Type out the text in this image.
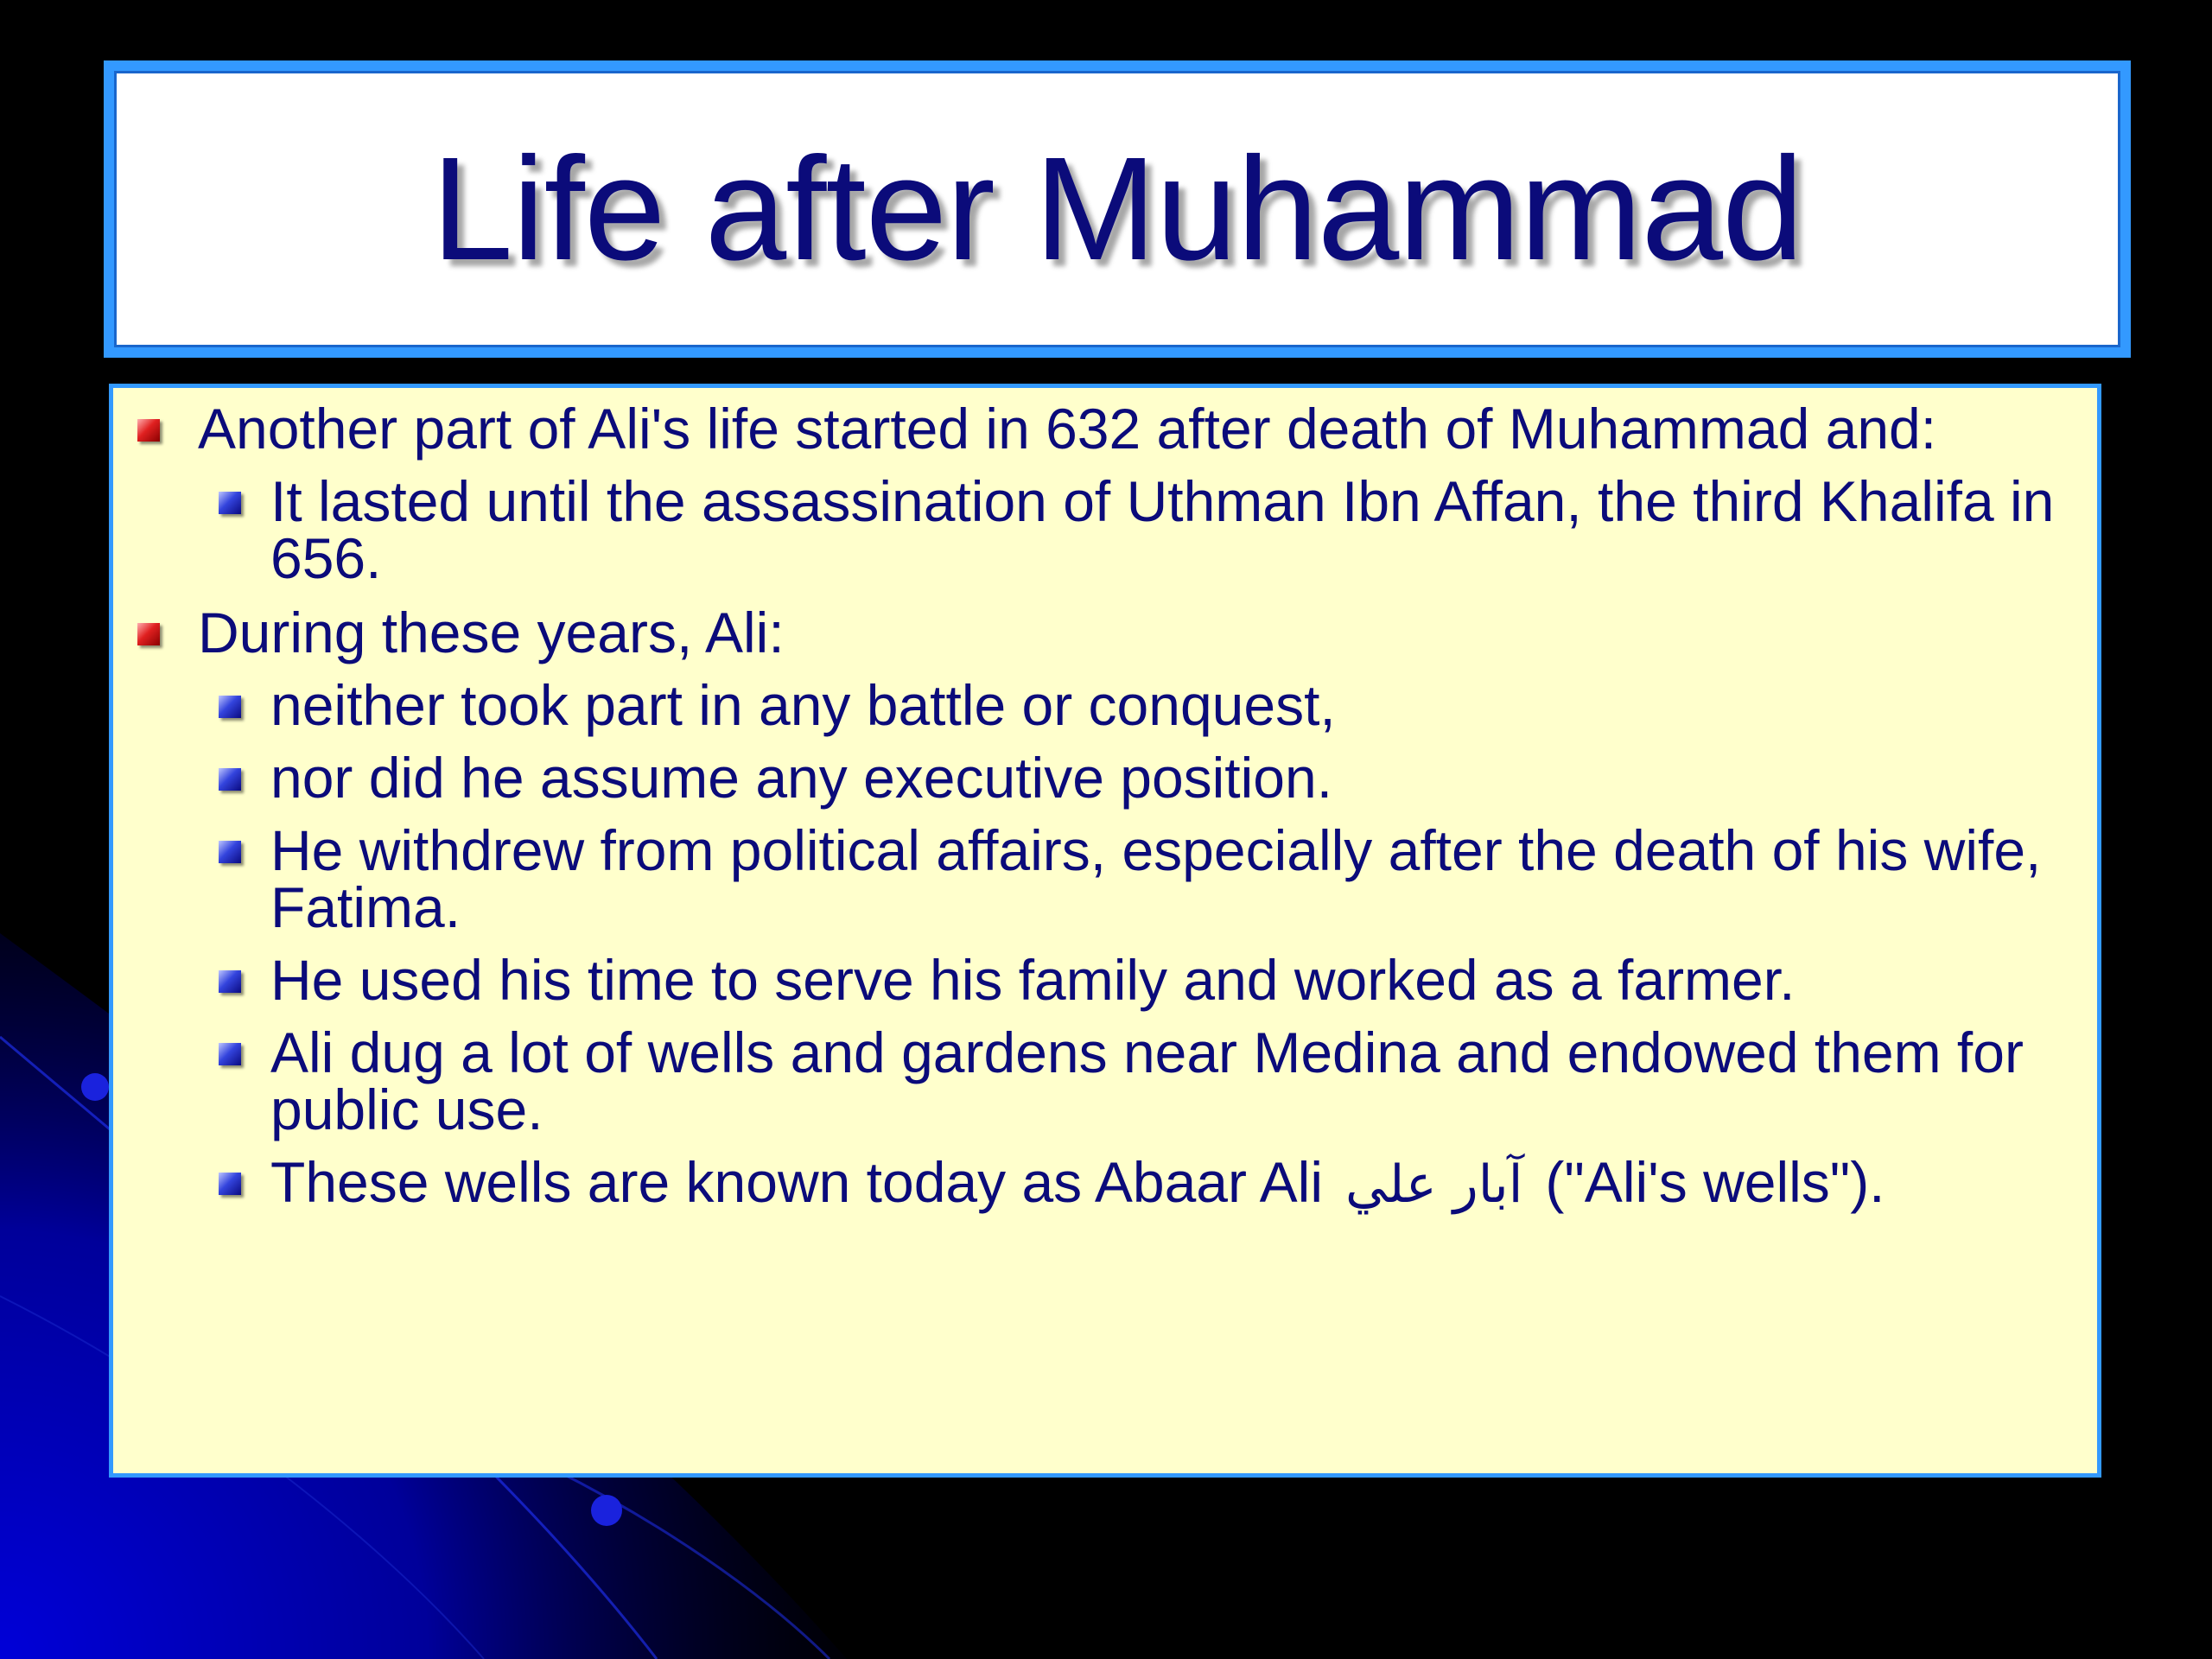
Life after Muhammad
Another part of Ali's life started in 632 after death of Muhammad and:
It lasted until the assassination of Uthman Ibn Affan, the third Khalifa in 656.
During these years, Ali:
neither took part in any battle or conquest,
nor did he assume any executive position.
He withdrew from political affairs, especially after the death of his wife, Fatima.
He used his time to serve his family and worked as a farmer.
Ali dug a lot of wells and gardens near Medina and endowed them for public use.
These wells are known today as Abaar Ali آبار علي ("Ali's wells").
